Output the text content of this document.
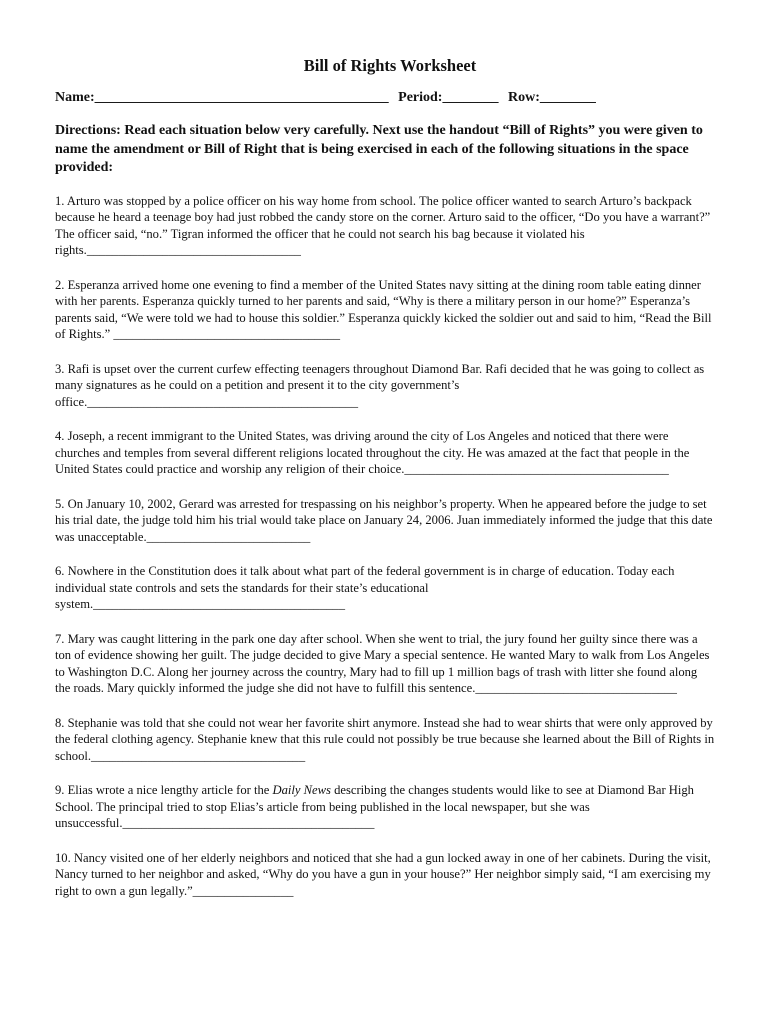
Bill of Rights Worksheet
Name:__________________________________________ Period:________ Row:________
Directions: Read each situation below very carefully. Next use the handout “Bill of Rights” you were given to name the amendment or Bill of Right that is being exercised in each of the following situations in the space provided:
1. Arturo was stopped by a police officer on his way home from school. The police officer wanted to search Arturo’s backpack because he heard a teenage boy had just robbed the candy store on the corner. Arturo said to the officer, “Do you have a warrant?” The officer said, “no.” Tigran informed the officer that he could not search his bag because it violated his rights.__________________________________
2. Esperanza arrived home one evening to find a member of the United States navy sitting at the dining room table eating dinner with her parents. Esperanza quickly turned to her parents and said, “Why is there a military person in our home?” Esperanza’s parents said, “We were told we had to house this soldier.” Esperanza quickly kicked the soldier out and said to him, “Read the Bill of Rights.” ____________________________________
3. Rafi is upset over the current curfew effecting teenagers throughout Diamond Bar. Rafi decided that he was going to collect as many signatures as he could on a petition and present it to the city government’s office.___________________________________________
4. Joseph, a recent immigrant to the United States, was driving around the city of Los Angeles and noticed that there were churches and temples from several different religions located throughout the city. He was amazed at the fact that people in the United States could practice and worship any religion of their choice.__________________________________________
5. On January 10, 2002, Gerard was arrested for trespassing on his neighbor’s property. When he appeared before the judge to set his trial date, the judge told him his trial would take place on January 24, 2006. Juan immediately informed the judge that this date was unacceptable.__________________________
6. Nowhere in the Constitution does it talk about what part of the federal government is in charge of education. Today each individual state controls and sets the standards for their state’s educational system.________________________________________
7. Mary was caught littering in the park one day after school. When she went to trial, the jury found her guilty since there was a ton of evidence showing her guilt. The judge decided to give Mary a special sentence. He wanted Mary to walk from Los Angeles to Washington D.C. Along her journey across the country, Mary had to fill up 1 million bags of trash with litter she found along the roads. Mary quickly informed the judge she did not have to fulfill this sentence.________________________________
8. Stephanie was told that she could not wear her favorite shirt anymore. Instead she had to wear shirts that were only approved by the federal clothing agency. Stephanie knew that this rule could not possibly be true because she learned about the Bill of Rights in school.__________________________________
9. Elias wrote a nice lengthy article for the Daily News describing the changes students would like to see at Diamond Bar High School. The principal tried to stop Elias’s article from being published in the local newspaper, but she was unsuccessful.________________________________________
10. Nancy visited one of her elderly neighbors and noticed that she had a gun locked away in one of her cabinets. During the visit, Nancy turned to her neighbor and asked, “Why do you have a gun in your house?” Her neighbor simply said, “I am exercising my right to own a gun legally.”________________
